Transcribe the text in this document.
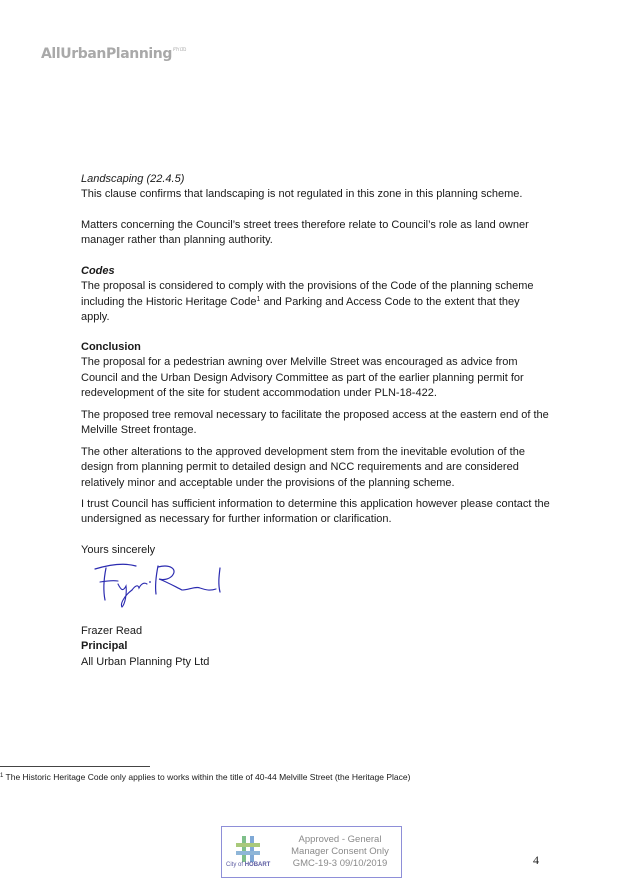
AllUrbanPlanning$^{PTY LTD}$

Landscaping (22.4.5)

This clause confirms that landscaping is not regulated in this zone in this planning scheme.

Matters concerning the Council’s street trees therefore relate to Council’s role as land owner manager rather than planning authority.

Codes

The proposal is considered to comply with the provisions of the Code of the planning scheme including the Historic Heritage Code$^1$ and Parking and Access Code to the extent that they apply.

Conclusion

The proposal for a pedestrian awning over Melville Street was encouraged as advice from Council and the Urban Design Advisory Committee as part of the earlier planning permit for redevelopment of the site for student accommodation under PLN-18-422.

The proposed tree removal necessary to facilitate the proposed access at the eastern end of the Melville Street frontage.

The other alterations to the approved development stem from the inevitable evolution of the design from planning permit to detailed design and NCC requirements and are considered relatively minor and acceptable under the provisions of the planning scheme.

I trust Council has sufficient information to determine this application however please contact the undersigned as necessary for further information or clarification.

Yours sincerely

Frazer Read

Principal

All Urban Planning Pty Ltd

$^1$ The Historic Heritage Code only applies to works within the title of 40-44 Melville Street (the Heritage Place)
City of HOBART
Approved - General
Manager Consent Only
GMC-19-3 09/10/2019	4
